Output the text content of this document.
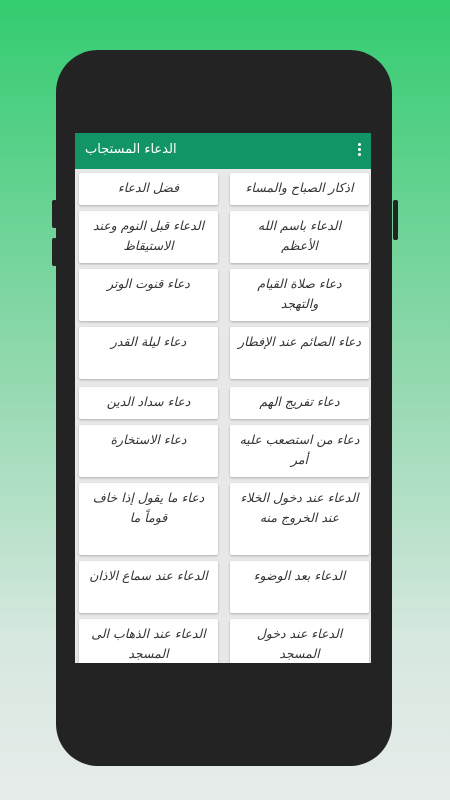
الدعاء المستجاب
اذكار الصباح والمساء
فضل الدعاء
الدعاء باسم الله الأعظم
الدعاء قبل النوم وعند الاستيقاظ
دعاء صلاة القيام والتهجد
دعاء قنوت الوتر
دعاء الصائم عند الإفطار
دعاء ليلة القدر
دعاء تفريج الهم
دعاء سداد الدين
دعاء من استصعب عليه أمر
دعاء الاستخارة
الدعاء عند دخول الخلاء عند الخروج منه
دعاء ما يقول إذا خاف قوماً ما
الدعاء بعد الوضوء
الدعاء عند سماع الاذان
الدعاء عند دخول المسجد
الدعاء عند الذهاب الى المسجد
